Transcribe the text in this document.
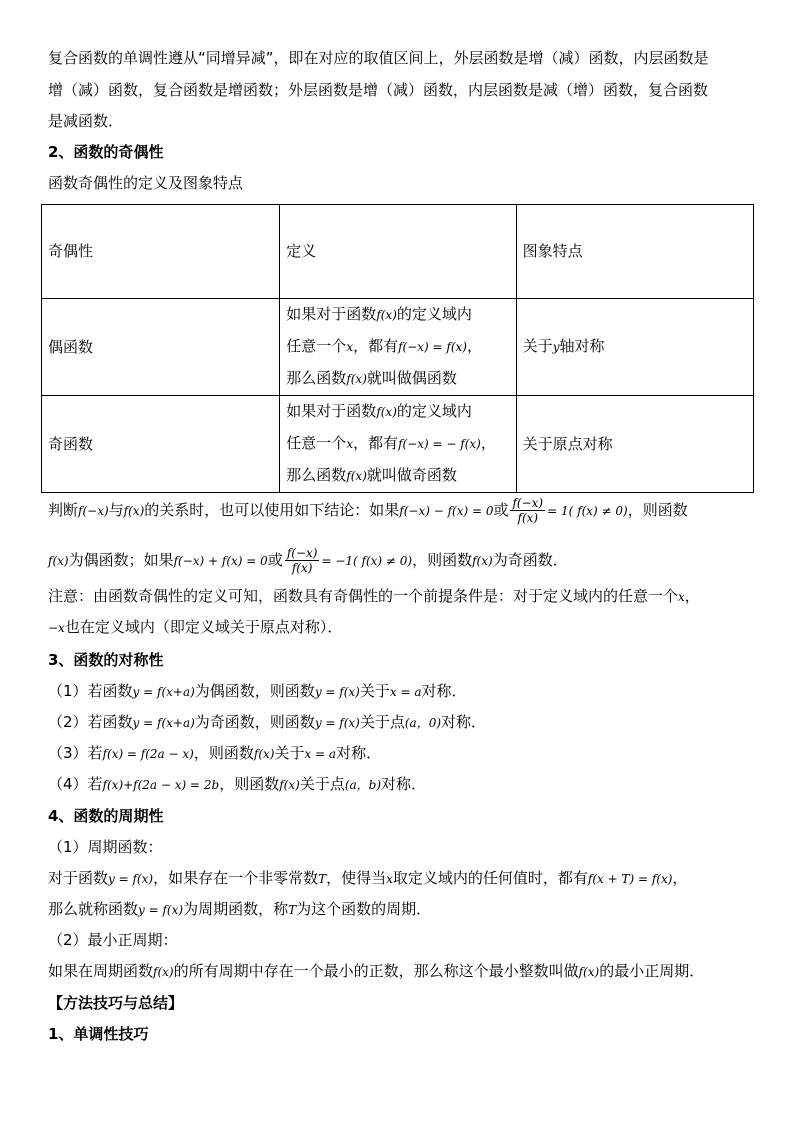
复合函数的单调性遵从“同增异减”，即在对应的取值区间上，外层函数是增（减）函数，内层函数是
增（减）函数，复合函数是增函数；外层函数是增（减）函数，内层函数是减（增）函数，复合函数
是减函数．
2、函数的奇偶性
函数奇偶性的定义及图象特点
奇偶性	定义	图象特点
偶函数	如果对于函数f(x)的定义域内
任意一个x，都有f(−x) = f(x)，
那么函数f(x)就叫做偶函数	关于y轴对称
奇函数	如果对于函数f(x)的定义域内
任意一个x，都有f(−x) = − f(x)，
那么函数f(x)就叫做奇函数	关于原点对称
判断f(−x)与f(x)的关系时，也可以使用如下结论：如果f(−x) − f(x) = 0或 $\frac{f(-x)}{f(x)} = 1$( f(x) ≠ 0)，则函数
f(x)为偶函数；如果f(−x) + f(x) = 0或 $\frac{f(-x)}{f(x)} = -1$( f(x) ≠ 0)，则函数f(x)为奇函数．
注意：由函数奇偶性的定义可知，函数具有奇偶性的一个前提条件是：对于定义域内的任意一个x，
−x也在定义域内（即定义域关于原点对称）．
3、函数的对称性
（1）若函数y = f(x+a)为偶函数，则函数y = f(x)关于x = a对称．
（2）若函数y = f(x+a)为奇函数，则函数y = f(x)关于点(a，0)对称．
（3）若f(x) = f(2a − x)，则函数f(x)关于x = a对称．
（4）若f(x)+f(2a − x) = 2b，则函数f(x)关于点(a，b)对称．
4、函数的周期性
（1）周期函数：
对于函数y = f(x)，如果存在一个非零常数T，使得当x取定义域内的任何值时，都有f(x + T) = f(x)，
那么就称函数y = f(x)为周期函数，称T为这个函数的周期．
（2）最小正周期：
如果在周期函数f(x)的所有周期中存在一个最小的正数，那么称这个最小整数叫做f(x)的最小正周期．
【方法技巧与总结】
1、单调性技巧
